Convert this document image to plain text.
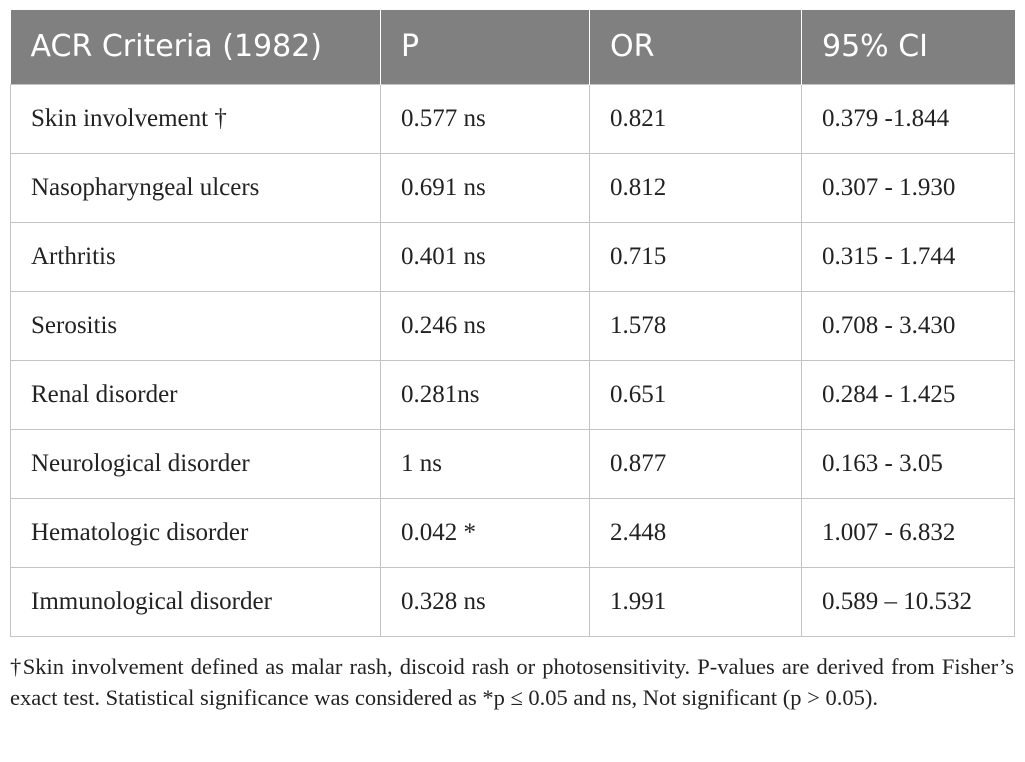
ACR Criteria (1982)	P	OR	95% CI
Skin involvement †	0.577 ns	0.821	0.379 -1.844
Nasopharyngeal ulcers	0.691 ns	0.812	0.307 - 1.930
Arthritis	0.401 ns	0.715	0.315 - 1.744
Serositis	0.246 ns	1.578	0.708 - 3.430
Renal disorder	0.281ns	0.651	0.284 - 1.425
Neurological disorder	1 ns	0.877	0.163 - 3.05
Hematologic disorder	0.042 *	2.448	1.007 - 6.832
Immunological disorder	0.328 ns	1.991	0.589 – 10.532
†Skin involvement defined as malar rash, discoid rash or photosensitivity. P-values are derived from Fisher’s exact test. Statistical significance was considered as *p ≤ 0.05 and ns, Not significant (p > 0.05).
